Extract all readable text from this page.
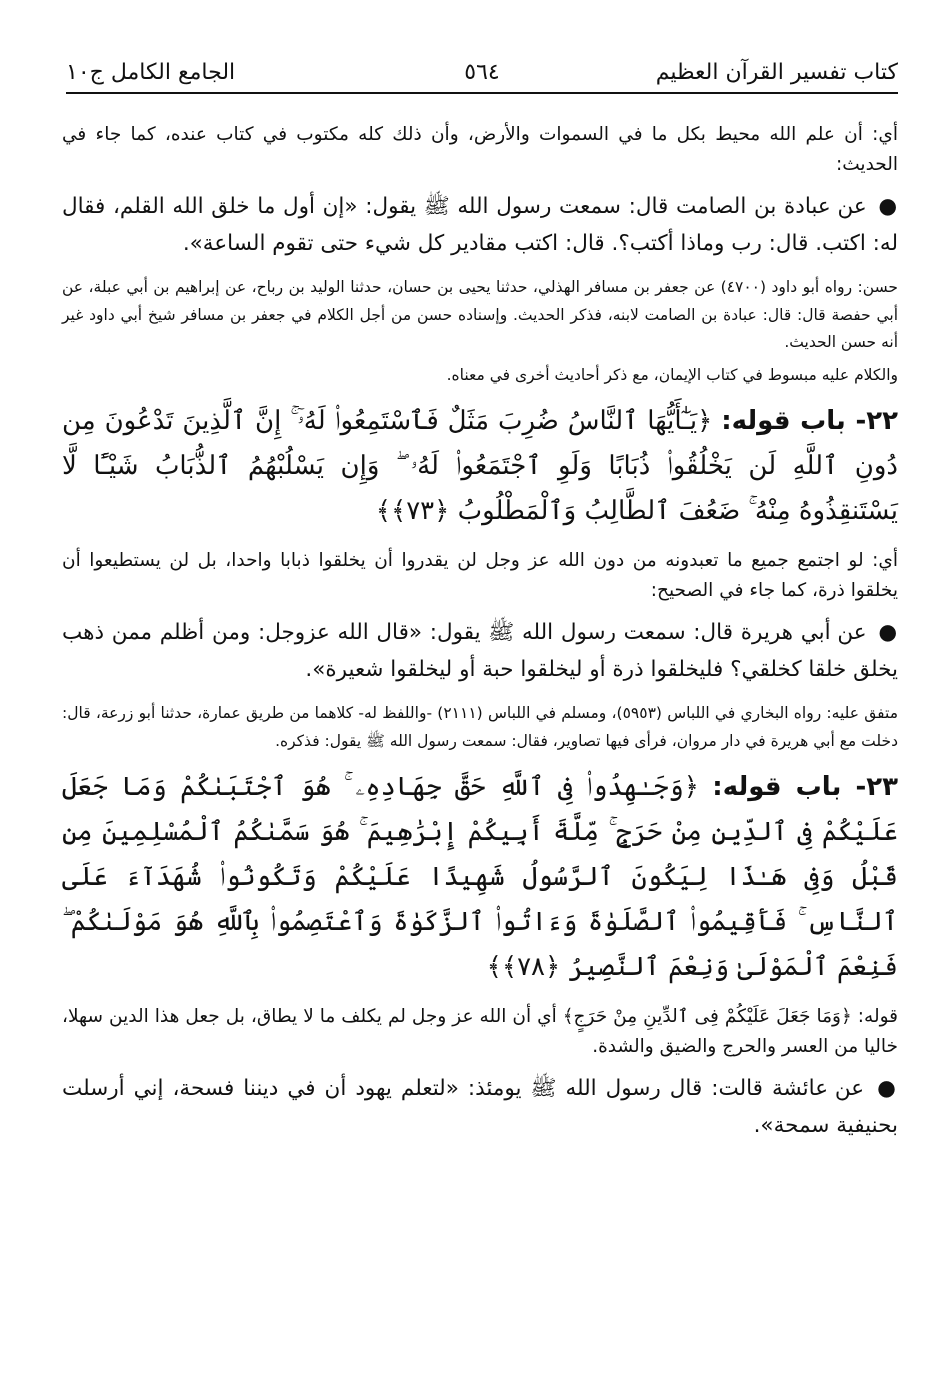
كتاب تفسير القرآن العظيم
٥٦٤
الجامع الكامل ج١٠

أي: أن علم الله محيط بكل ما في السموات والأرض، وأن ذلك كله مكتوب في كتاب عنده، كما جاء في الحديث:

● عن عبادة بن الصامت قال: سمعت رسول الله ﷺ يقول: «إن أول ما خلق الله القلم، فقال له: اكتب. قال: رب وماذا أكتب؟. قال: اكتب مقادير كل شيء حتى تقوم الساعة».

حسن: رواه أبو داود (٤٧٠٠) عن جعفر بن مسافر الهذلي، حدثنا يحيى بن حسان، حدثنا الوليد بن رباح، عن إبراهيم بن أبي عبلة، عن أبي حفصة قال: قال: عبادة بن الصامت لابنه، فذكر الحديث. وإسناده حسن من أجل الكلام في جعفر بن مسافر شيخ أبي داود غير أنه حسن الحديث.

والكلام عليه مبسوط في كتاب الإيمان، مع ذكر أحاديث أخرى في معناه.

٢٢- باب قوله: ﴿يَـٰٓأَيُّهَا ٱلنَّاسُ ضُرِبَ مَثَلٌ فَٱسْتَمِعُوا۟ لَهُۥٓ ۚ إِنَّ ٱلَّذِينَ تَدْعُونَ مِن دُونِ ٱللَّهِ لَن يَخْلُقُوا۟ ذُبَابًا وَلَوِ ٱجْتَمَعُوا۟ لَهُۥ ۖ وَإِن يَسْلُبْهُمُ ٱلذُّبَابُ شَيْـًٔا لَّا يَسْتَنقِذُوهُ مِنْهُ ۚ ضَعُفَ ٱلطَّالِبُ وَٱلْمَطْلُوبُ ﴿٧٣﴾﴾

أي: لو اجتمع جميع ما تعبدونه من دون الله عز وجل لن يقدروا أن يخلقوا ذبابا واحدا، بل لن يستطيعوا أن يخلقوا ذرة، كما جاء في الصحيح:

● عن أبي هريرة قال: سمعت رسول الله ﷺ يقول: «قال الله عزوجل: ومن أظلم ممن ذهب يخلق خلقا كخلقي؟ فليخلقوا ذرة أو ليخلقوا حبة أو ليخلقوا شعيرة».

متفق عليه: رواه البخاري في اللباس (٥٩٥٣)، ومسلم في اللباس (٢١١١) -واللفظ له- كلاهما من طريق عمارة، حدثنا أبو زرعة، قال: دخلت مع أبي هريرة في دار مروان، فرأى فيها تصاوير، فقال: سمعت رسول الله ﷺ يقول: فذكره.

٢٣- باب قوله: ﴿وَجَـٰهِدُوا۟ فِى ٱللَّهِ حَقَّ جِهَادِهِۦ ۚ هُوَ ٱجْتَبَىٰكُمْ وَمَا جَعَلَ عَلَيْكُمْ فِى ٱلدِّينِ مِنْ حَرَجٍ ۚ مِّلَّةَ أَبِيكُمْ إِبْرَٰهِيمَ ۚ هُوَ سَمَّىٰكُمُ ٱلْمُسْلِمِينَ مِن قَبْلُ وَفِى هَـٰذَا لِيَكُونَ ٱلرَّسُولُ شَهِيدًا عَلَيْكُمْ وَتَكُونُوا۟ شُهَدَآءَ عَلَى ٱلنَّاسِ ۚ فَأَقِيمُوا۟ ٱلصَّلَوٰةَ وَءَاتُوا۟ ٱلزَّكَوٰةَ وَٱعْتَصِمُوا۟ بِٱللَّهِ هُوَ مَوْلَىٰكُمْ ۖ فَنِعْمَ ٱلْمَوْلَىٰ وَنِعْمَ ٱلنَّصِيرُ ﴿٧٨﴾﴾

قوله: ﴿وَمَا جَعَلَ عَلَيْكُمْ فِى ٱلدِّينِ مِنْ حَرَجٍ﴾ أي أن الله عز وجل لم يكلف ما لا يطاق، بل جعل هذا الدين سهلا، خاليا من العسر والحرج والضيق والشدة.

● عن عائشة قالت: قال رسول الله ﷺ يومئذ: «لتعلم يهود أن في ديننا فسحة، إني أرسلت بحنيفية سمحة».
